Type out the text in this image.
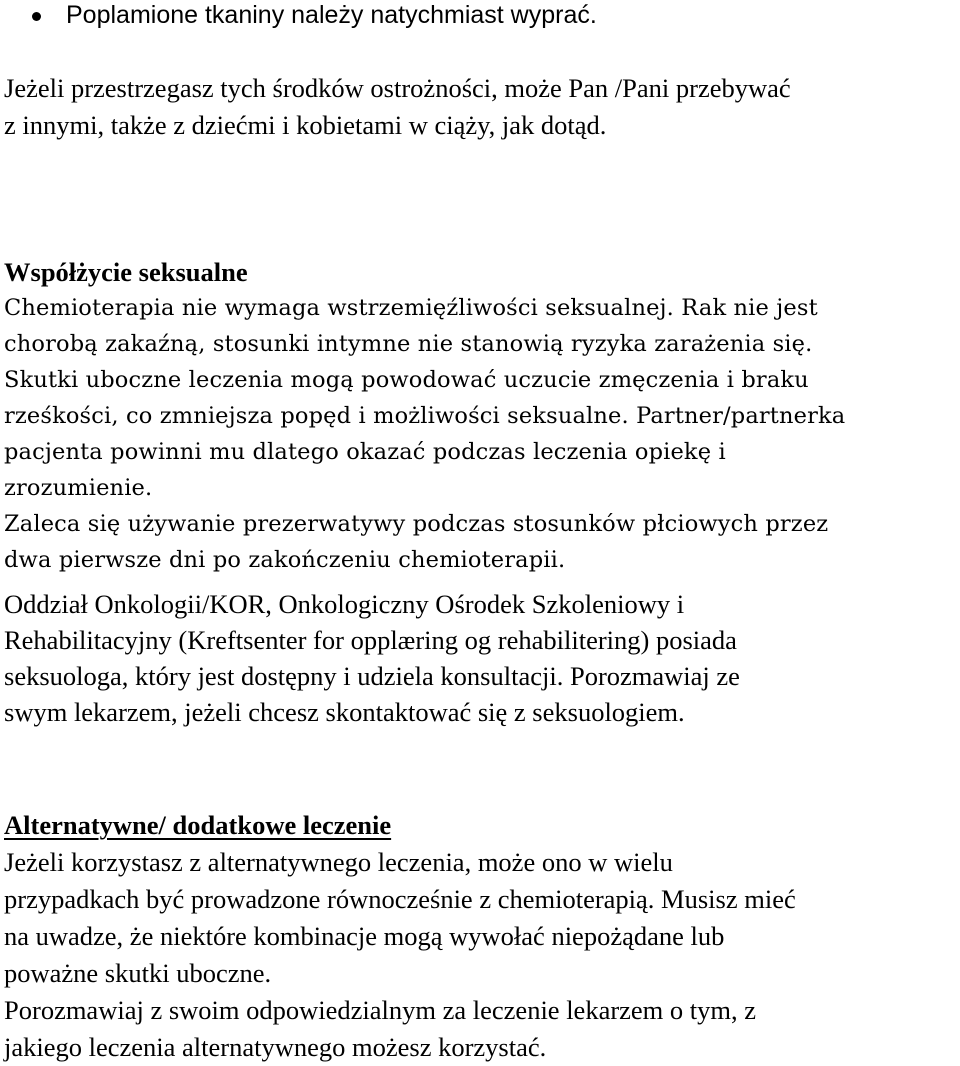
Poplamione tkaniny należy natychmiast wyprać.
Jeżeli przestrzegasz tych środków ostrożności, może Pan /Pani przebywać
z innymi, także z dziećmi i kobietami w ciąży, jak dotąd.
Współżycie seksualne
Chemioterapia nie wymaga wstrzemięźliwości seksualnej. Rak nie jest
chorobą zakaźną, stosunki intymne nie stanowią ryzyka zarażenia się.
Skutki uboczne leczenia mogą powodować uczucie zmęczenia i braku
rześkości, co zmniejsza popęd i możliwości seksualne. Partner/partnerka
pacjenta powinni mu dlatego okazać podczas leczenia opiekę i
zrozumienie.
Zaleca się używanie prezerwatywy podczas stosunków płciowych przez
dwa pierwsze dni po zakończeniu chemioterapii.
Oddział Onkologii/KOR, Onkologiczny Ośrodek Szkoleniowy i
Rehabilitacyjny (Kreftsenter for opplæring og rehabilitering) posiada
seksuologa, który jest dostępny i udziela konsultacji. Porozmawiaj ze
swym lekarzem, jeżeli chcesz skontaktować się z seksuologiem.
Alternatywne/ dodatkowe leczenie
Jeżeli korzystasz z alternatywnego leczenia, może ono w wielu
przypadkach być prowadzone równocześnie z chemioterapią. Musisz mieć
na uwadze, że niektóre kombinacje mogą wywołać niepożądane lub
poważne skutki uboczne.
Porozmawiaj z swoim odpowiedzialnym za leczenie lekarzem o tym, z
jakiego leczenia alternatywnego możesz korzystać.
